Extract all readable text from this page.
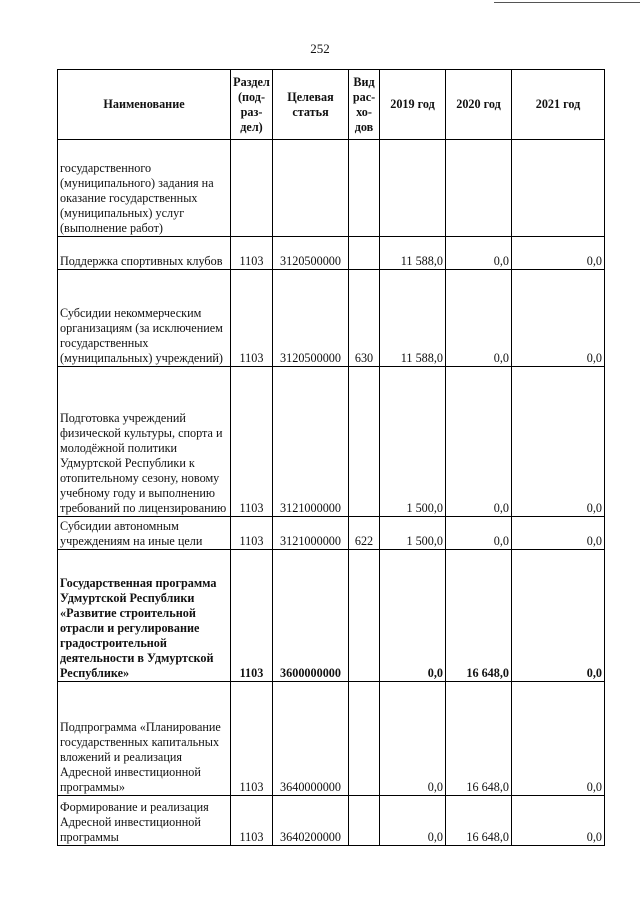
252
Наименование	Раздел (под-раз-дел)	Целевая статья	Вид рас-хо-дов	2019 год	2020 год	2021 год
государственного (муниципального) задания на оказание государственных (муниципальных) услуг (выполнение работ)						
Поддержка спортивных клубов	1103	3120500000		11 588,0	0,0	0,0
Субсидии некоммерческим организациям (за исключением государственных (муниципальных) учреждений)	1103	3120500000	630	11 588,0	0,0	0,0
Подготовка учреждений физической культуры, спорта и молодёжной политики Удмуртской Республики к отопительному сезону, новому учебному году и выполнению требований по лицензированию	1103	3121000000		1 500,0	0,0	0,0
Субсидии автономным учреждениям на иные цели	1103	3121000000	622	1 500,0	0,0	0,0
Государственная программа Удмуртской Республики «Развитие строительной отрасли и регулирование градостроительной деятельности в Удмуртской Республике»	1103	3600000000		0,0	16 648,0	0,0
Подпрограмма «Планирование государственных капитальных вложений и реализация Адресной инвестиционной программы»	1103	3640000000		0,0	16 648,0	0,0
Формирование и реализация Адресной инвестиционной программы	1103	3640200000		0,0	16 648,0	0,0
